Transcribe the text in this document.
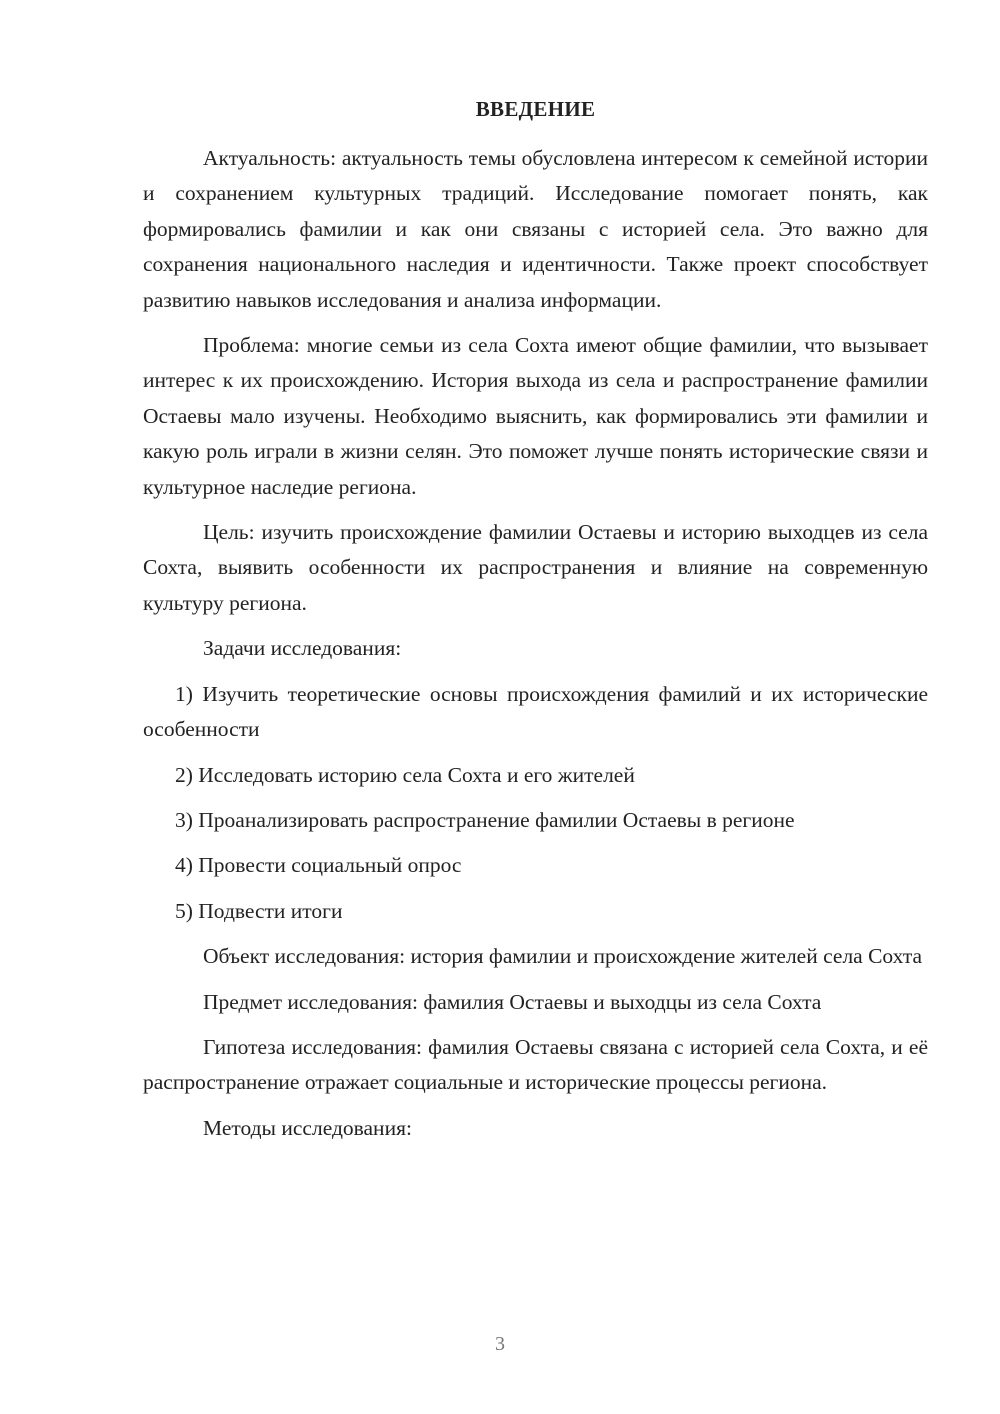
ВВЕДЕНИЕ

Актуальность: актуальность темы обусловлена интересом к семейной истории и сохранением культурных традиций. Исследование помогает понять, как формировались фамилии и как они связаны с историей села. Это важно для сохранения национального наследия и идентичности. Также проект способствует развитию навыков исследования и анализа информации.

Проблема: многие семьи из села Сохта имеют общие фамилии, что вызывает интерес к их происхождению. История выхода из села и распространение фамилии Остаевы мало изучены. Необходимо выяснить, как формировались эти фамилии и какую роль играли в жизни селян. Это поможет лучше понять исторические связи и культурное наследие региона.

Цель: изучить происхождение фамилии Остаевы и историю выходцев из села Сохта, выявить особенности их распространения и влияние на современную культуру региона.

Задачи исследования:

1) Изучить теоретические основы происхождения фамилий и их исторические особенности

2) Исследовать историю села Сохта и его жителей

3) Проанализировать распространение фамилии Остаевы в регионе

4) Провести социальный опрос

5) Подвести итоги

Объект исследования: история фамилии и происхождение жителей села Сохта

Предмет исследования: фамилия Остаевы и выходцы из села Сохта

Гипотеза исследования: фамилия Остаевы связана с историей села Сохта, и её распространение отражает социальные и исторические процессы региона.

Методы исследования:

3
